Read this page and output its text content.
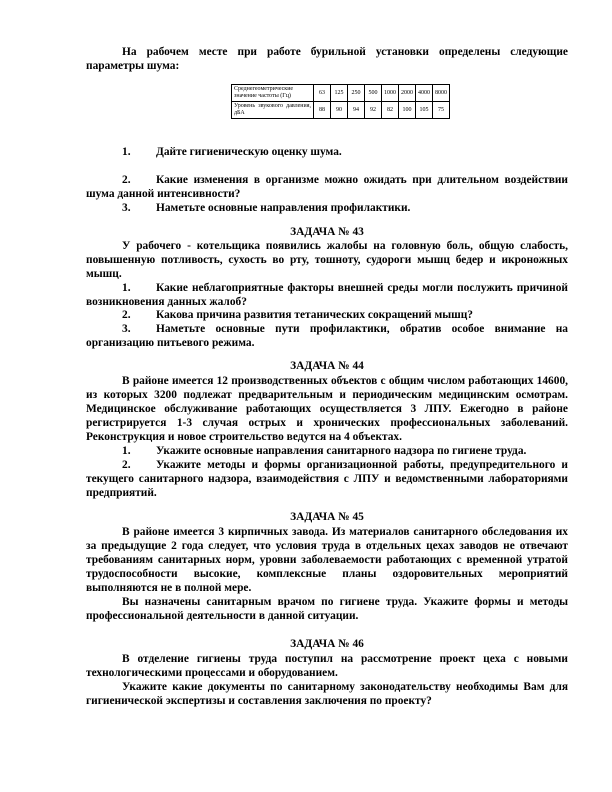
На рабочем месте при работе бурильной установки определены следующие параметры шума:

Среднегеометрические значение частоты (Гц)	63	125	250	500	1000	2000	4000	8000
Уровень звукового давления, дБА	88	90	94	92	82	100	105	75

1. Дайте гигиеническую оценку шума.

2. Какие изменения в организме можно ожидать при длительном воздействии шума данной интенсивности?

3. Наметьте основные направления профилактики.

ЗАДАЧА № 43

У рабочего - котельщика появились жалобы на головную боль, общую слабость, повышенную потливость, сухость во рту, тошноту, судороги мышц бедер и икроножных мышц.

1. Какие неблагоприятные факторы внешней среды могли послужить причиной возникновения данных жалоб?

2. Какова причина развития тетанических сокращений мышц?

3. Наметьте основные пути профилактики, обратив особое внимание на организацию питьевого режима.

ЗАДАЧА № 44

В районе имеется 12 производственных объектов с общим числом работающих 14600, из которых 3200 подлежат предварительным и периодическим медицинским осмотрам. Медицинское обслуживание работающих осуществляется 3 ЛПУ. Ежегодно в районе регистрируется 1-3 случая острых и хронических профессиональных заболеваний. Реконструкция и новое строительство ведутся на 4 объектах.

1. Укажите основные направления санитарного надзора по гигиене труда.

2. Укажите методы и формы организационной работы, предупредительного и текущего санитарного надзора, взаимодействия с ЛПУ и ведомственными лабораториями предприятий.

ЗАДАЧА № 45

В районе имеется 3 кирпичных завода. Из материалов санитарного обследования их за предыдущие 2 года следует, что условия труда в отдельных цехах заводов не отвечают требованиям санитарных норм, уровни заболеваемости работающих с временной утратой трудоспособности высокие, комплексные планы оздоровительных мероприятий выполняются не в полной мере.

Вы назначены санитарным врачом по гигиене труда. Укажите формы и методы профессиональной деятельности в данной ситуации.

ЗАДАЧА № 46

В отделение гигиены труда поступил на рассмотрение проект цеха с новыми технологическими процессами и оборудованием.

Укажите какие документы по санитарному законодательству необходимы Вам для гигиенической экспертизы и составления заключения по проекту?
